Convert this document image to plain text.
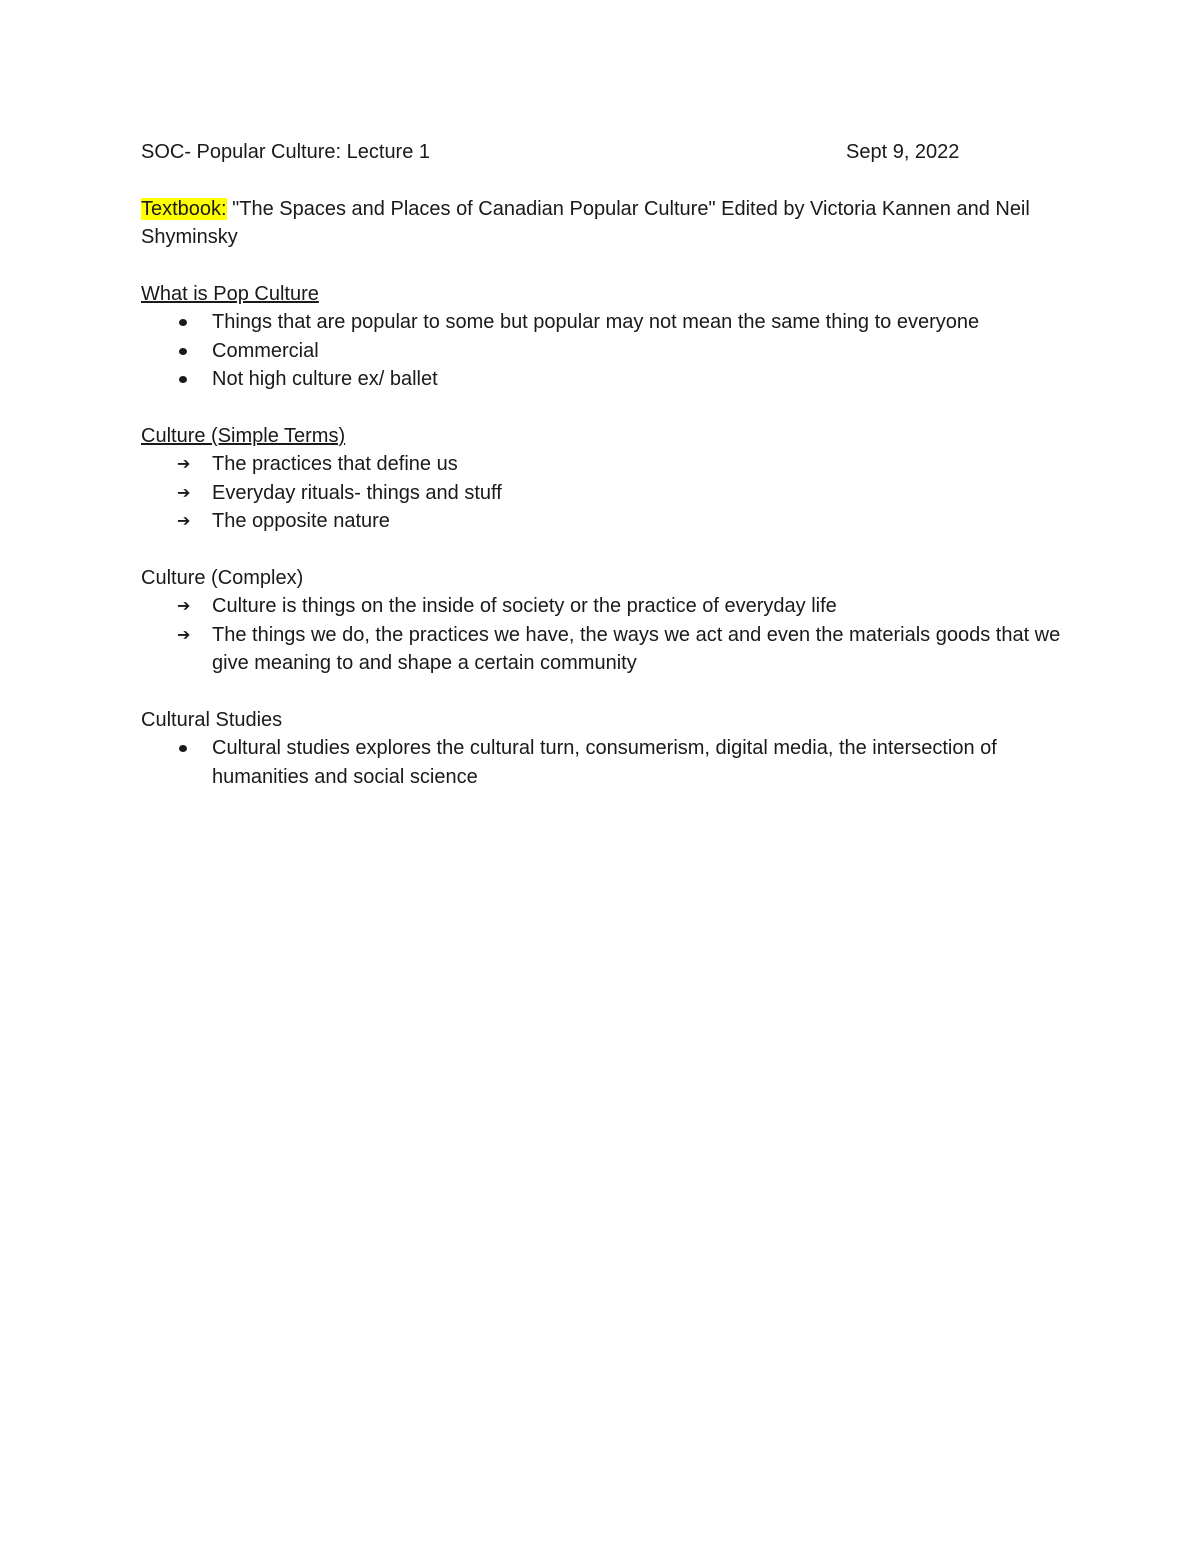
SOC- Popular Culture: Lecture 1	Sept 9, 2022
Textbook: "The Spaces and Places of Canadian Popular Culture" Edited by Victoria Kannen and Neil Shyminsky
What is Pop Culture
Things that are popular to some but popular may not mean the same thing to everyone
Commercial
Not high culture ex/ ballet
Culture (Simple Terms)
➔	The practices that define us
➔	Everyday rituals- things and stuff
➔	The opposite nature
Culture (Complex)
➔	Culture is things on the inside of society or the practice of everyday life
➔	The things we do, the practices we have, the ways we act and even the materials goods that we give meaning to and shape a certain community
Cultural Studies
Cultural studies explores the cultural turn, consumerism, digital media, the intersection of humanities and social science
